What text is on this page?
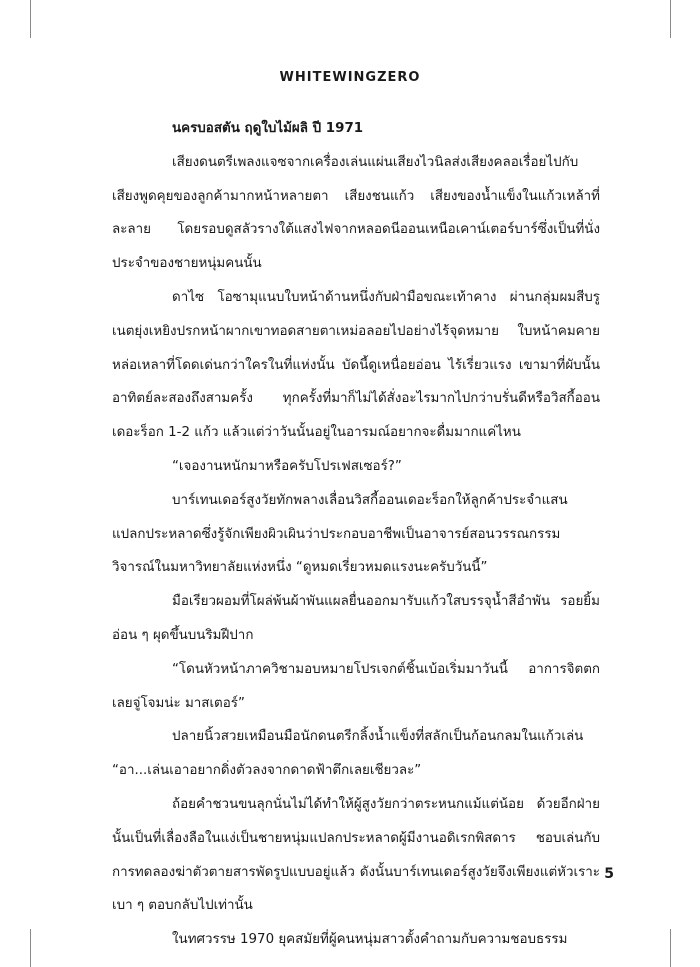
WHITEWINGZERO

นครบอสตัน ฤดูใบไม้ผลิ ปี 1971

เสียงดนตรีเพลงแจซจากเครื่องเล่นแผ่นเสียงไวนิลส่งเสียงคลอเรื่อยไปกับเสียงพูดคุยของลูกค้ามากหน้าหลายตา เสียงชนแก้ว เสียงของน้ำแข็งในแก้วเหล้าที่ละลาย โดยรอบดูสลัวรางใต้แสงไฟจากหลอดนีออนเหนือเคาน์เตอร์บาร์ซึ่งเป็นที่นั่งประจำของชายหนุ่มคนนั้น

ดาไซ โอซามุแนบใบหน้าด้านหนึ่งกับฝ่ามือขณะเท้าคาง ผ่านกลุ่มผมสีบรูเนตยุ่งเหยิงปรกหน้าผากเขาทอดสายตาเหม่อลอยไปอย่างไร้จุดหมาย ใบหน้าคมคายหล่อเหลาที่โดดเด่นกว่าใครในที่แห่งนั้น บัดนี้ดูเหนื่อยอ่อน ไร้เรี่ยวแรง เขามาที่ผับนั้นอาทิตย์ละสองถึงสามครั้ง ทุกครั้งที่มาก็ไม่ได้สั่งอะไรมากไปกว่าบรั่นดีหรือวิสกี้ออนเดอะร็อก 1-2 แก้ว แล้วแต่ว่าวันนั้นอยู่ในอารมณ์อยากจะดื่มมากแค่ไหน

“เจองานหนักมาหรือครับโปรเฟสเซอร์?”

บาร์เทนเดอร์สูงวัยทักพลางเลื่อนวิสกี้ออนเดอะร็อกให้ลูกค้าประจำแสนแปลกประหลาดซึ่งรู้จักเพียงผิวเผินว่าประกอบอาชีพเป็นอาจารย์สอนวรรณกรรมวิจารณ์ในมหาวิทยาลัยแห่งหนึ่ง “ดูหมดเรี่ยวหมดแรงนะครับวันนี้”

มือเรียวผอมที่โผล่พ้นผ้าพันแผลยื่นออกมารับแก้วใสบรรจุน้ำสีอำพัน รอยยิ้มอ่อน ๆ ผุดขึ้นบนริมฝีปาก

“โดนหัวหน้าภาควิชามอบหมายโปรเจกต์ชิ้นเบ้อเริ่มมาวันนี้ อาการจิตตกเลยจู่โจมน่ะ มาสเตอร์”

ปลายนิ้วสวยเหมือนมือนักดนตรีกลิ้งน้ำแข็งที่สลักเป็นก้อนกลมในแก้วเล่น “อา...เล่นเอาอยากดิ่งตัวลงจากดาดฟ้าตึกเลยเชียวละ”

ถ้อยคำชวนขนลุกนั่นไม่ได้ทำให้ผู้สูงวัยกว่าตระหนกแม้แต่น้อย ด้วยอีกฝ่ายนั้นเป็นที่เลื่องลือในแง่เป็นชายหนุ่มแปลกประหลาดผู้มีงานอดิเรกพิสดาร ชอบเล่นกับการทดลองฆ่าตัวตายสารพัดรูปแบบอยู่แล้ว ดังนั้นบาร์เทนเดอร์สูงวัยจึงเพียงแต่หัวเราะเบา ๆ ตอบกลับไปเท่านั้น

ในทศวรรษ 1970 ยุคสมัยที่ผู้คนหนุ่มสาวตั้งคำถามกับความชอบธรรม

5
